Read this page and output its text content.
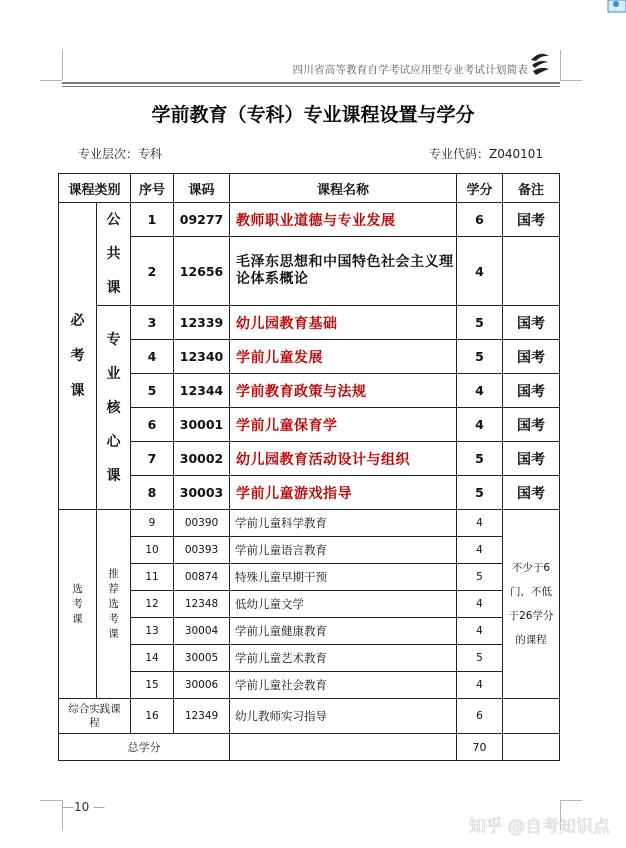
四川省高等教育自学考试应用型专业考试计划简表
学前教育（专科）专业课程设置与学分
专业层次：专科	专业代码：Z040101
课程类别		序号	课码	课程名称	学分	备注

必考课	公共课	1	09277	教师职业道德与专业发展	6	国考
		2	12656	毛泽东思想和中国特色社会主义理论体系概论	4	

	专业核心课	3	12339	幼儿园教育基础	5	国考
		4	12340	学前儿童发展	5	国考
		5	12344	学前教育政策与法规	4	国考
		6	30001	学前儿童保育学	4	国考
		7	30002	幼儿园教育活动设计与组织	5	国考
		8	30003	学前儿童游戏指导	5	国考

选考课	推荐选考课	9	00390	学前儿童科学教育	4	不少于6门，不低于26学分的课程

		10	00393	学前儿童语言教育	4	
		11	00874	特殊儿童早期干预	5	
		12	12348	低幼儿童文学	4	
		13	30004	学前儿童健康教育	4	
		14	30005	学前儿童艺术教育	5	
		15	30006	学前儿童社会教育	4	

综合实践课程		16	12349	幼儿教师实习指导	6	
总学分					70	
—10 —
知乎 @自考知识点
